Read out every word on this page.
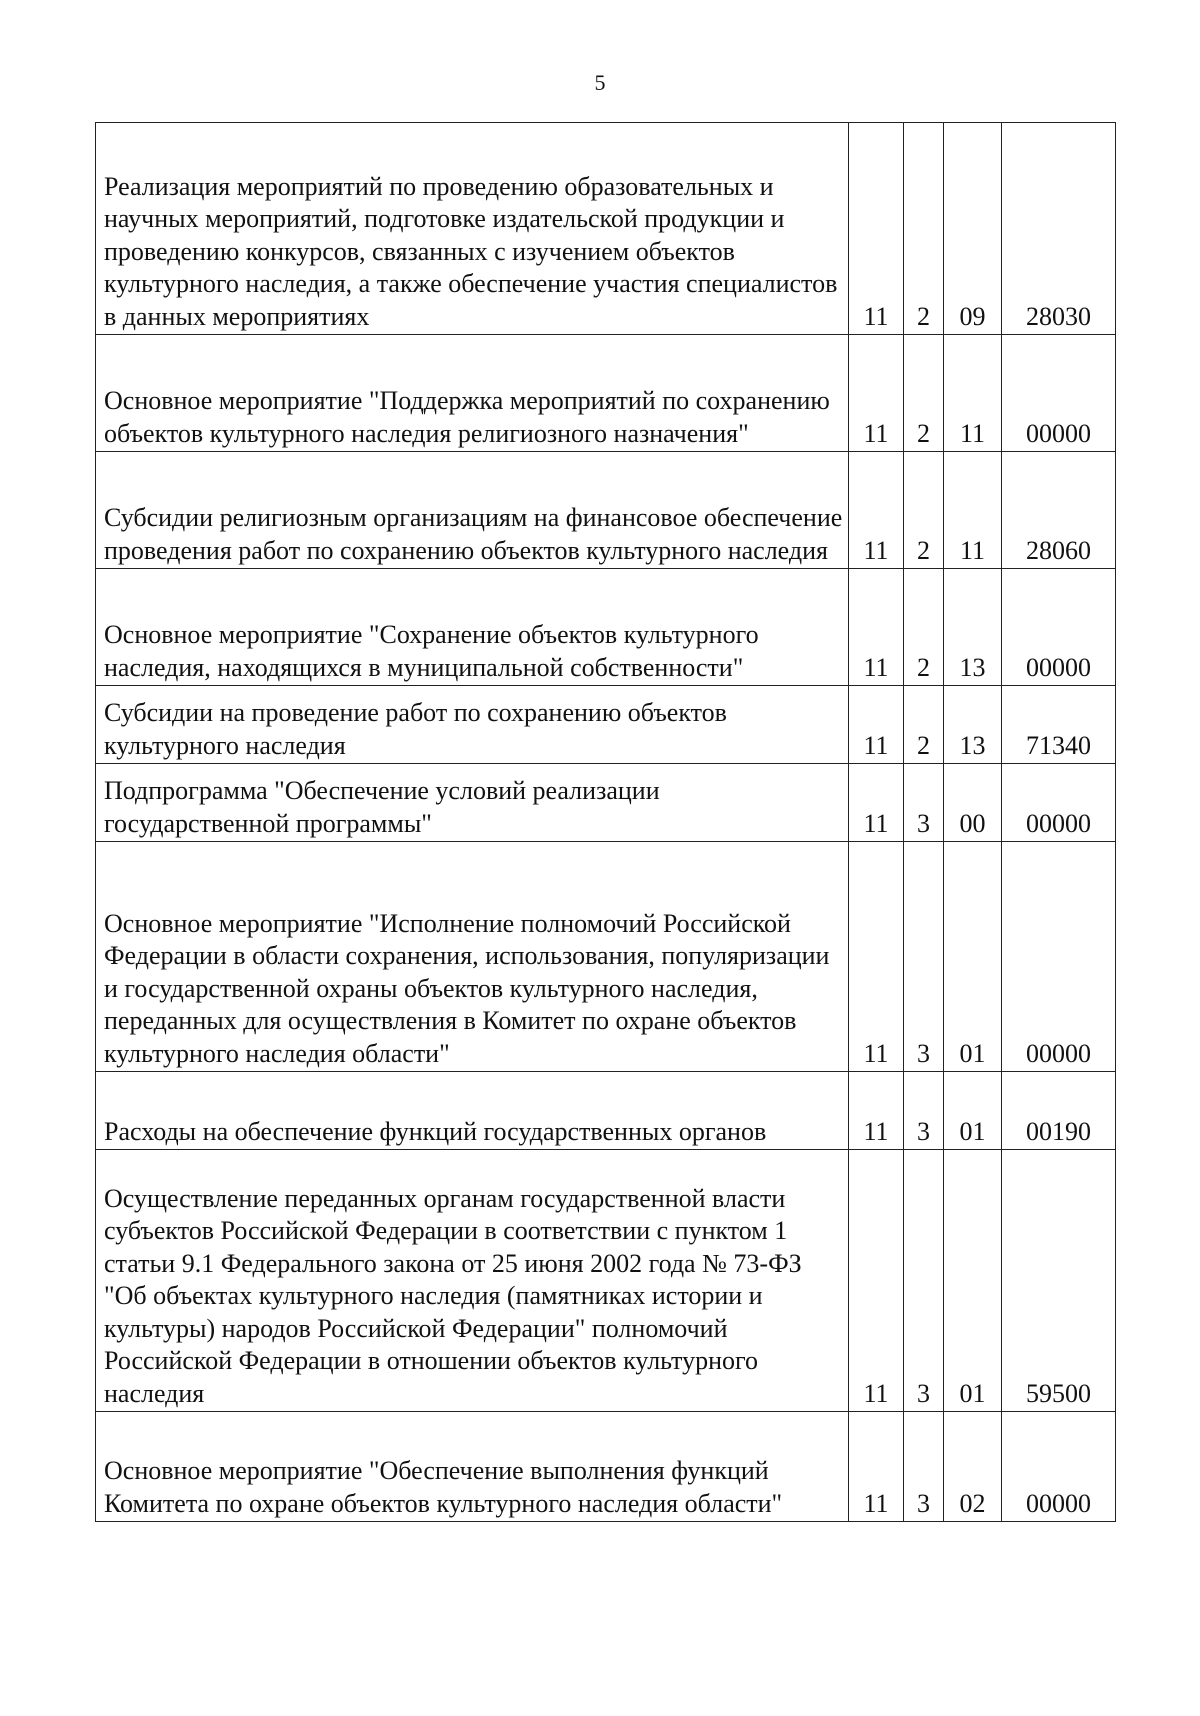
5
Реализация мероприятий по проведению образовательных и научных мероприятий, подготовке издательской продукции и проведению конкурсов, связанных с изучением объектов культурного наследия, а также обеспечение участия специалистов в данных мероприятиях	11	2	09	28030
Основное мероприятие "Поддержка мероприятий по сохранению объектов культурного наследия религиозного назначения"	11	2	11	00000
Субсидии религиозным организациям на финансовое обеспечение проведения работ по сохранению объектов культурного наследия	11	2	11	28060
Основное мероприятие "Сохранение объектов культурного наследия, находящихся в муниципальной собственности"	11	2	13	00000
Субсидии на проведение работ по сохранению объектов культурного наследия	11	2	13	71340
Подпрограмма "Обеспечение условий реализации государственной программы"	11	3	00	00000
Основное мероприятие "Исполнение полномочий Российской Федерации в области сохранения, использования, популяризации и государственной охраны объектов культурного наследия, переданных для осуществления в Комитет по охране объектов культурного наследия области"	11	3	01	00000
Расходы на обеспечение функций государственных органов	11	3	01	00190
Осуществление переданных органам государственной власти субъектов Российской Федерации в соответствии с пунктом 1 статьи 9.1 Федерального закона от 25 июня 2002 года № 73-ФЗ "Об объектах культурного наследия (памятниках истории и культуры) народов Российской Федерации" полномочий Российской Федерации в отношении объектов культурного наследия	11	3	01	59500
Основное мероприятие "Обеспечение выполнения функций Комитета по охране объектов культурного наследия области"	11	3	02	00000
